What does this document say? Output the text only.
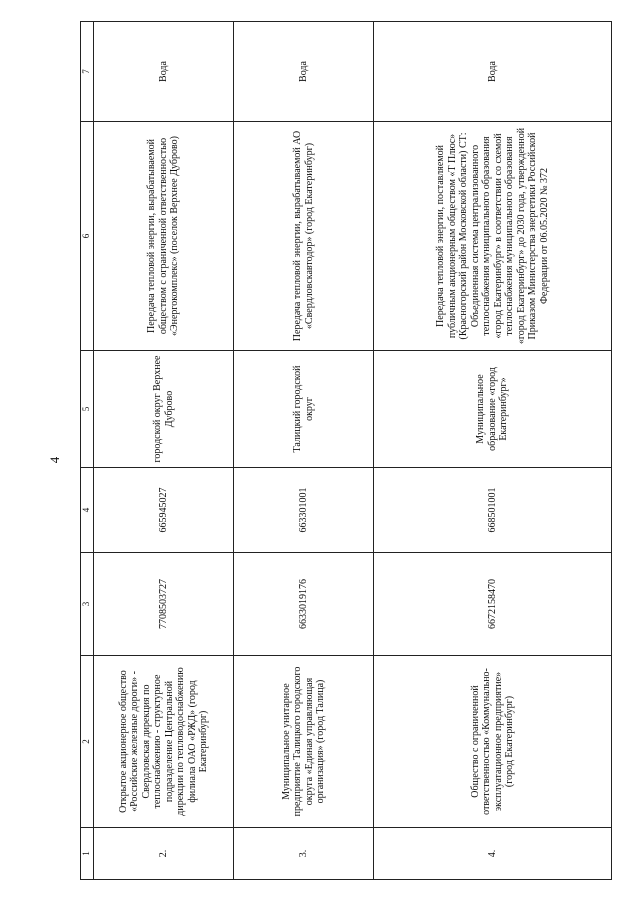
4
1	2	3	4	5	6	7
2.	Открытое акционерное общество «Российские железные дороги» - Свердловская дирекция по теплоснабжению - структурное подразделение Центральной дирекции по тепловодоснабжению филиала ОАО «РЖД» (город Екатеринбург)	7708503727	665945027	городской округ Верхнее Дуброво	Передача тепловой энергии, вырабатываемой обществом с ограниченной ответственностью «Энергокомплекс» (поселок Верхнее Дуброво)	Вода
3.	Муниципальное унитарное предприятие Талицкого городского округа «Единая управляющая организация» (город Талица)	6633019176	663301001	Талицкий городской округ	Передача тепловой энергии, вырабатываемой АО «Свердловскавтодор» (город Екатеринбург)	Вода
4.	Общество с ограниченной ответственностью «Коммунально-эксплуатационное предприятие» (город Екатеринбург)	6672158470	668501001	Муниципальное образование «город Екатеринбург»	Передача тепловой энергии, поставляемой публичным акционерным обществом «Т Плюс» (Красногорский район Московской области) СТ: Объединенная система централизованного теплоснабжения муниципального образования «город Екатеринбург» в соответствии со схемой теплоснабжения муниципального образования «город Екатеринбург» до 2030 года, утвержденной Приказом Министерства энергетики Российской Федерации от 06.05.2020 № 372	Вода
